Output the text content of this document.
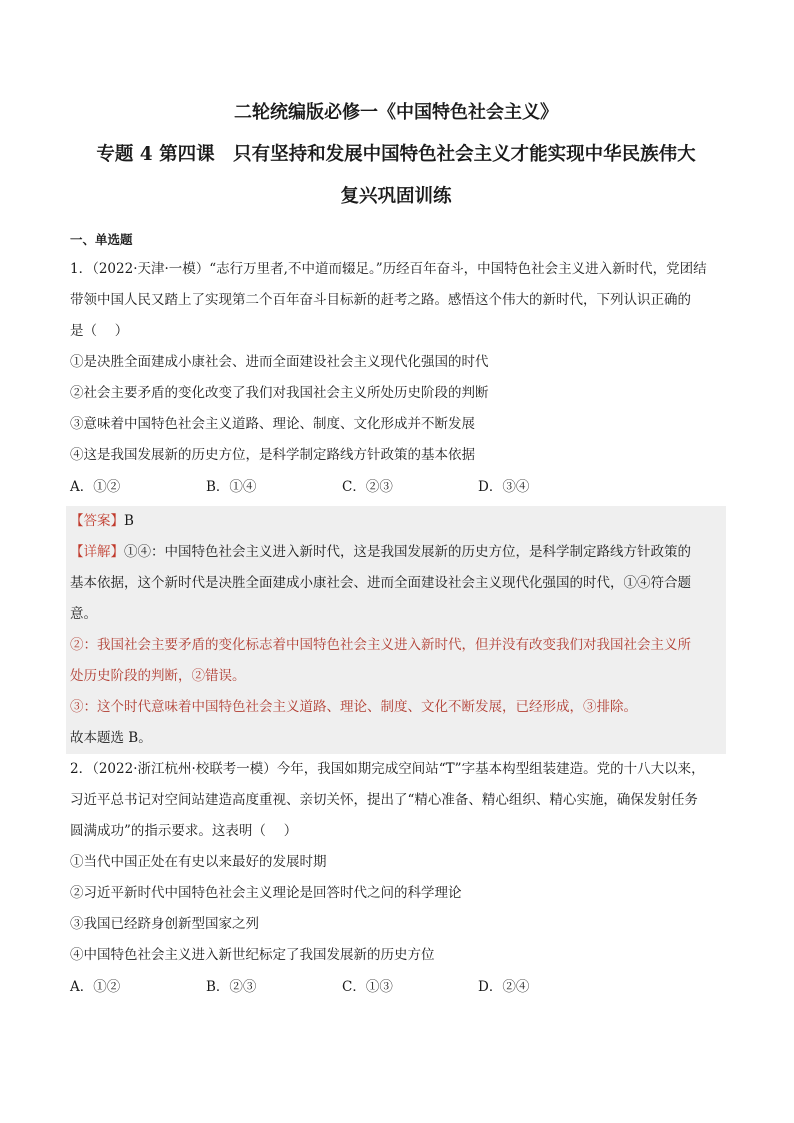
二轮统编版必修一《中国特色社会主义》
专题 4 第四课　只有坚持和发展中国特色社会主义才能实现中华民族伟大
复兴巩固训练
一、单选题
1．（2022·天津·一模）“志行万里者,不中道而辍足。”历经百年奋斗，中国特色社会主义进入新时代，党团结
带领中国人民又踏上了实现第二个百年奋斗目标新的赶考之路。感悟这个伟大的新时代，下列认识正确的
是（　 ）
①是决胜全面建成小康社会、进而全面建设社会主义现代化强国的时代
②社会主要矛盾的变化改变了我们对我国社会主义所处历史阶段的判断
③意味着中国特色社会主义道路、理论、制度、文化形成并不断发展
④这是我国发展新的历史方位，是科学制定路线方针政策的基本依据
A．①②	B．①④	C．②③	D．③④
【答案】B
【详解】①④：中国特色社会主义进入新时代，这是我国发展新的历史方位，是科学制定路线方针政策的
基本依据，这个新时代是决胜全面建成小康社会、进而全面建设社会主义现代化强国的时代，①④符合题
意。
②：我国社会主要矛盾的变化标志着中国特色社会主义进入新时代，但并没有改变我们对我国社会主义所
处历史阶段的判断，②错误。
③：这个时代意味着中国特色社会主义道路、理论、制度、文化不断发展，已经形成，③排除。
故本题选 B。
2．（2022·浙江杭州·校联考一模）今年，我国如期完成空间站“T”字基本构型组装建造。党的十八大以来，
习近平总书记对空间站建造高度重视、亲切关怀，提出了“精心准备、精心组织、精心实施，确保发射任务
圆满成功”的指示要求。这表明（　 ）
①当代中国正处在有史以来最好的发展时期
②习近平新时代中国特色社会主义理论是回答时代之问的科学理论
③我国已经跻身创新型国家之列
④中国特色社会主义进入新世纪标定了我国发展新的历史方位
A．①②	B．②③	C．①③	D．②④
